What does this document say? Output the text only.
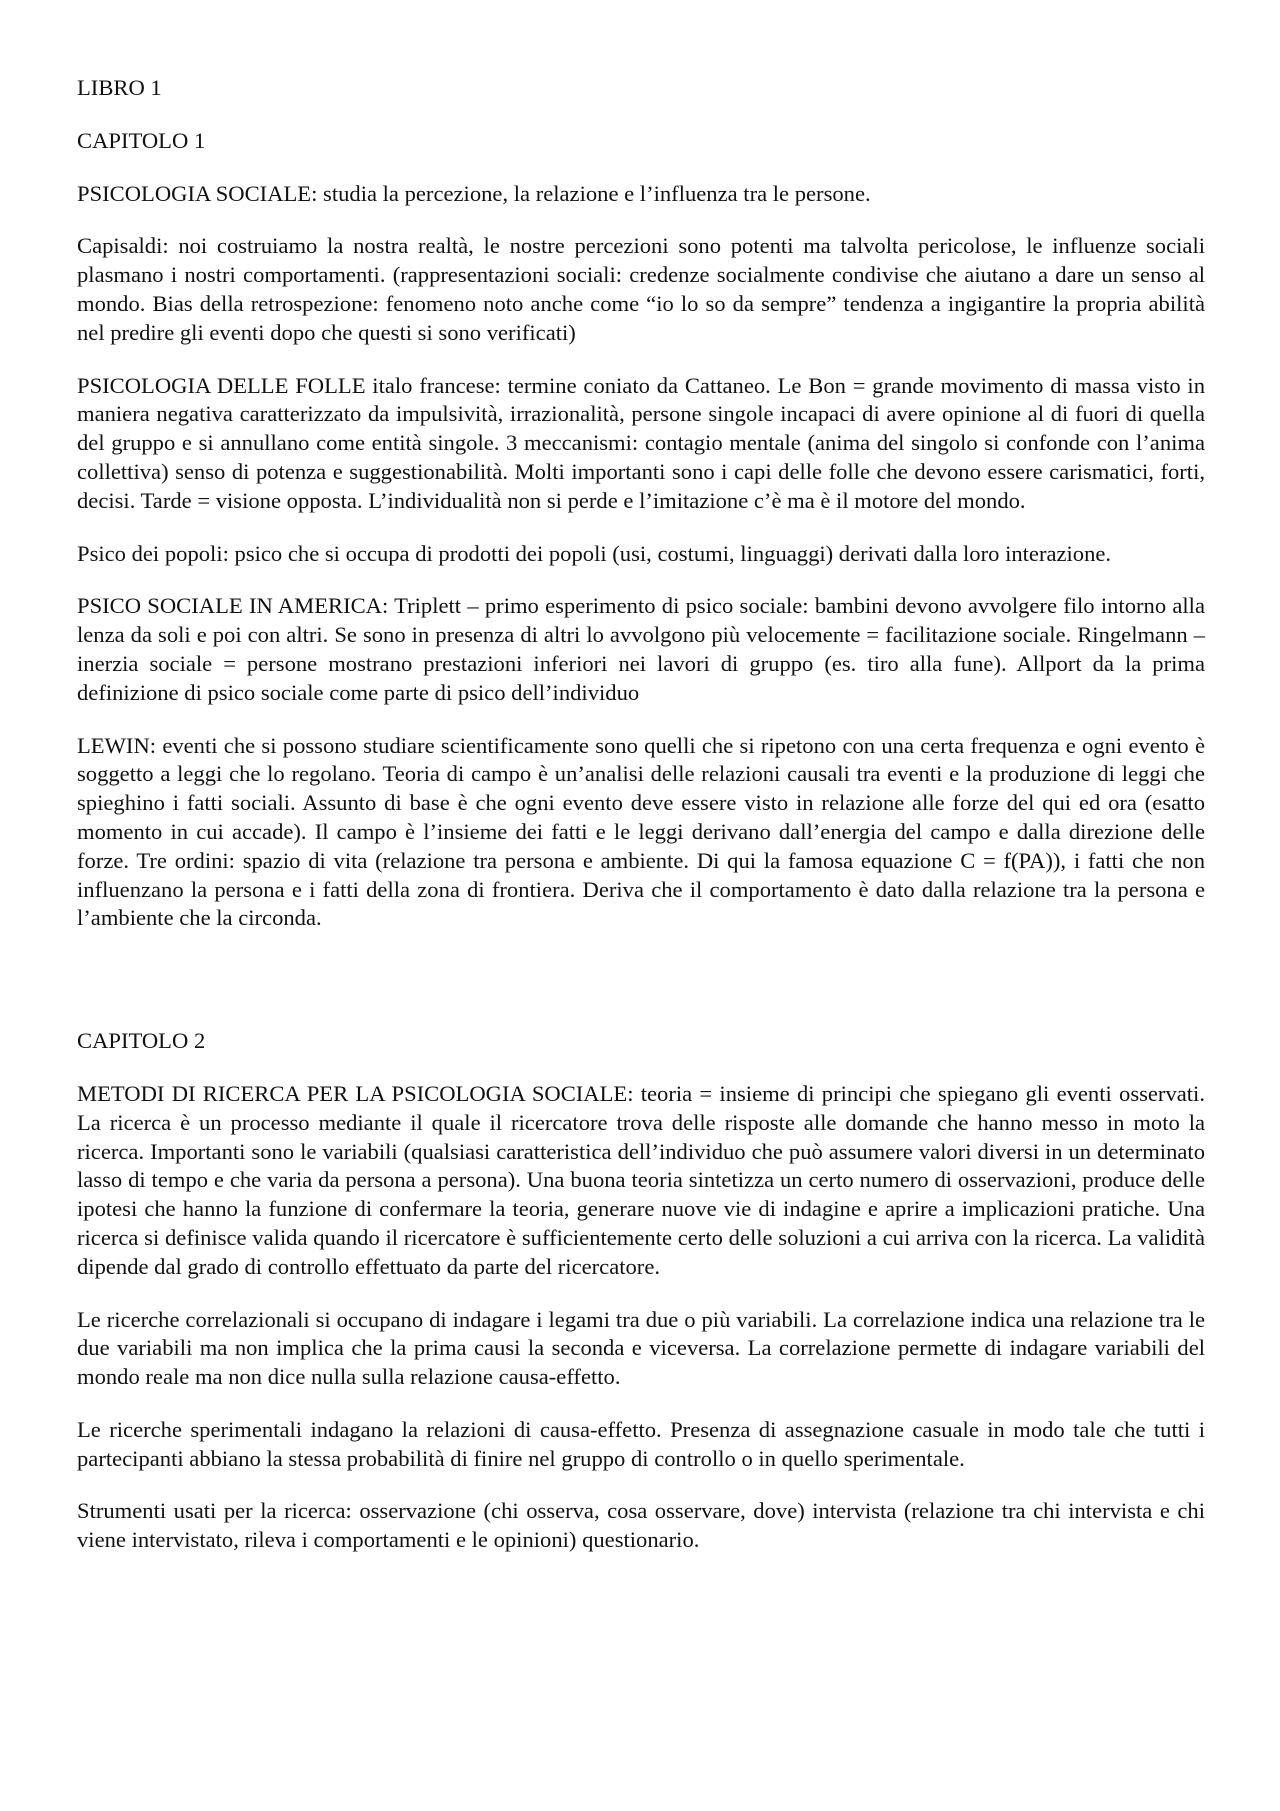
LIBRO 1
CAPITOLO 1

PSICOLOGIA SOCIALE: studia la percezione, la relazione e l’influenza tra le persone.

Capisaldi: noi costruiamo la nostra realtà, le nostre percezioni sono potenti ma talvolta pericolose, le influenze sociali plasmano i nostri comportamenti. (rappresentazioni sociali: credenze socialmente condivise che aiutano a dare un senso al mondo. Bias della retrospezione: fenomeno noto anche come “io lo so da sempre” tendenza a ingigantire la propria abilità nel predire gli eventi dopo che questi si sono verificati)

PSICOLOGIA DELLE FOLLE italo francese: termine coniato da Cattaneo. Le Bon = grande movimento di massa visto in maniera negativa caratterizzato da impulsività, irrazionalità, persone singole incapaci di avere opinione al di fuori di quella del gruppo e si annullano come entità singole. 3 meccanismi: contagio mentale (anima del singolo si confonde con l’anima collettiva) senso di potenza e suggestionabilità. Molti importanti sono i capi delle folle che devono essere carismatici, forti, decisi. Tarde = visione opposta. L’individualità non si perde e l’imitazione c’è ma è il motore del mondo.

Psico dei popoli: psico che si occupa di prodotti dei popoli (usi, costumi, linguaggi) derivati dalla loro interazione.

PSICO SOCIALE IN AMERICA: Triplett – primo esperimento di psico sociale: bambini devono avvolgere filo intorno alla lenza da soli e poi con altri. Se sono in presenza di altri lo avvolgono più velocemente = facilitazione sociale. Ringelmann – inerzia sociale = persone mostrano prestazioni inferiori nei lavori di gruppo (es. tiro alla fune). Allport da la prima definizione di psico sociale come parte di psico dell’individuo

LEWIN: eventi che si possono studiare scientificamente sono quelli che si ripetono con una certa frequenza e ogni evento è soggetto a leggi che lo regolano. Teoria di campo è un’analisi delle relazioni causali tra eventi e la produzione di leggi che spieghino i fatti sociali. Assunto di base è che ogni evento deve essere visto in relazione alle forze del qui ed ora (esatto momento in cui accade). Il campo è l’insieme dei fatti e le leggi derivano dall’energia del campo e dalla direzione delle forze. Tre ordini: spazio di vita (relazione tra persona e ambiente. Di qui la famosa equazione C = f(PA)), i fatti che non influenzano la persona e i fatti della zona di frontiera. Deriva che il comportamento è dato dalla relazione tra la persona e l’ambiente che la circonda.

CAPITOLO 2

METODI DI RICERCA PER LA PSICOLOGIA SOCIALE: teoria = insieme di principi che spiegano gli eventi osservati. La ricerca è un processo mediante il quale il ricercatore trova delle risposte alle domande che hanno messo in moto la ricerca. Importanti sono le variabili (qualsiasi caratteristica dell’individuo che può assumere valori diversi in un determinato lasso di tempo e che varia da persona a persona). Una buona teoria sintetizza un certo numero di osservazioni, produce delle ipotesi che hanno la funzione di confermare la teoria, generare nuove vie di indagine e aprire a implicazioni pratiche. Una ricerca si definisce valida quando il ricercatore è sufficientemente certo delle soluzioni a cui arriva con la ricerca. La validità dipende dal grado di controllo effettuato da parte del ricercatore.

Le ricerche correlazionali si occupano di indagare i legami tra due o più variabili. La correlazione indica una relazione tra le due variabili ma non implica che la prima causi la seconda e viceversa. La correlazione permette di indagare variabili del mondo reale ma non dice nulla sulla relazione causa-effetto.

Le ricerche sperimentali indagano la relazioni di causa-effetto. Presenza di assegnazione casuale in modo tale che tutti i partecipanti abbiano la stessa probabilità di finire nel gruppo di controllo o in quello sperimentale.

Strumenti usati per la ricerca: osservazione (chi osserva, cosa osservare, dove) intervista (relazione tra chi intervista e chi viene intervistato, rileva i comportamenti e le opinioni) questionario.
